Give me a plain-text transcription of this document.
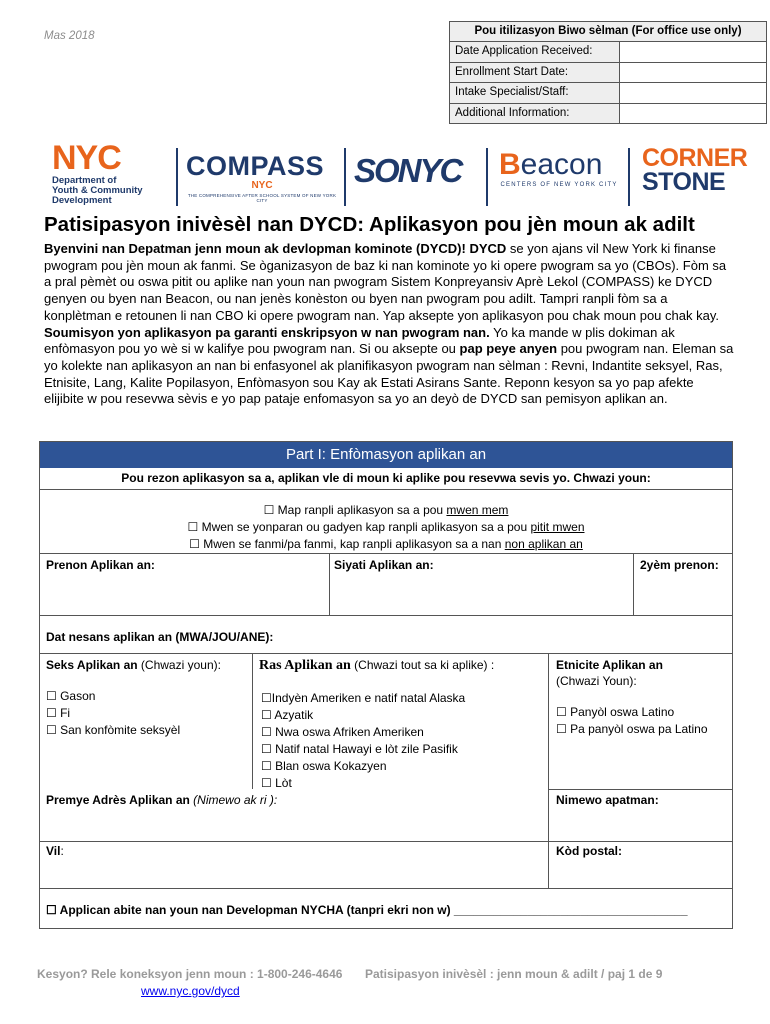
Mas 2018	Pou itilizasyon Biwo sèlman (For office use only)
Date Application Received:
Enrollment Start Date:
Intake Specialist/Staff:
Additional Information:
NYC
Department of
Youth & Community
Development
COMPASS
NYC
THE COMPREHENSIVE AFTER SCHOOL SYSTEM OF NEW YORK CITY
SONYC Beacon
CENTERS OF NEW YORK CITY
CORNER
STONE
Patisipasyon inivèsèl nan DYCD: Aplikasyon pou jèn moun ak adilt
Byenvini nan Depatman jenn moun ak devlopman kominote (DYCD)! DYCD se yon ajans vil New York ki finanse pwogram pou jèn moun ak fanmi. Se òganizasyon de baz ki nan kominote yo ki opere pwogram sa yo (CBOs). Fòm sa a pral pèmèt ou oswa pitit ou aplike nan youn nan pwogram Sistem Konpreyansiv Aprè Lekol (COMPASS) ke DYCD genyen ou byen nan Beacon, ou nan jenès konèston ou byen nan pwogram pou adilt. Tampri ranpli fòm sa a konplètman e retounen li nan CBO ki opere pwogram nan. Yap aksepte yon aplikasyon pou chak moun pou chak kay. Soumisyon yon aplikasyon pa garanti enskripsyon w nan pwogram nan. Yo ka mande w plis dokiman ak enfòmasyon pou yo wè si w kalifye pou pwogram nan. Si ou aksepte ou pap peye anyen pou pwogram nan. Eleman sa yo kolekte nan aplikasyon an nan bi enfasyonel ak planifikasyon pwogram nan sèlman : Revni, Indantite seksyel, Ras, Etnisite, Lang, Kalite Popilasyon, Enfòmasyon sou Kay ak Estati Asirans Sante. Reponn kesyon sa yo pap afekte elijibite w pou resevwa sèvis e yo pap pataje enfomasyon sa yo an deyò de DYCD san pemisyon aplikan an.
Part I: Enfòmasyon aplikan an
Pou rezon aplikasyon sa a, aplikan vle di moun ki aplike pou resevwa sevis yo. Chwazi youn:
☐ Map ranpli aplikasyon sa a pou mwen mem
☐ Mwen se yonparan ou gadyen kap ranpli aplikasyon sa a pou pitit mwen
☐ Mwen se fanmi/pa fanmi, kap ranpli aplikasyon sa a nan non aplikan an
Prenon Aplikan an:	Siyati Aplikan an:	2yèm prenon:
Dat nesans aplikan an (MWA/JOU/ANE):
Seks Aplikan an (Chwazi youn):
☐ Gason
☐ Fi
☐ San konfòmite seksyèl
Ras Aplikan an (Chwazi tout sa ki aplike) :
☐Indyèn Ameriken e natif natal Alaska
☐ Azyatik
☐ Nwa oswa Afriken Ameriken
☐ Natif natal Hawayi e lòt zile Pasifik
☐ Blan oswa Kokazyen
☐ Lòt
Etnicite Aplikan an
(Chwazi Youn):
☐ Panyòl oswa Latino
☐ Pa panyòl oswa pa Latino
Premye Adrès Aplikan an (Nimewo ak ri ):	Nimewo apatman:
Vil:	Kòd postal:
☐ Applican abite nan youn nan Developman NYCHA (tanpri ekri non w) ___________________________________
Kesyon? Rele koneksyon jenn moun : 1-800-246-4646 Patisipasyon inivèsèl : jenn moun & adilt / paj 1 de 9
www.nyc.gov/dycd
